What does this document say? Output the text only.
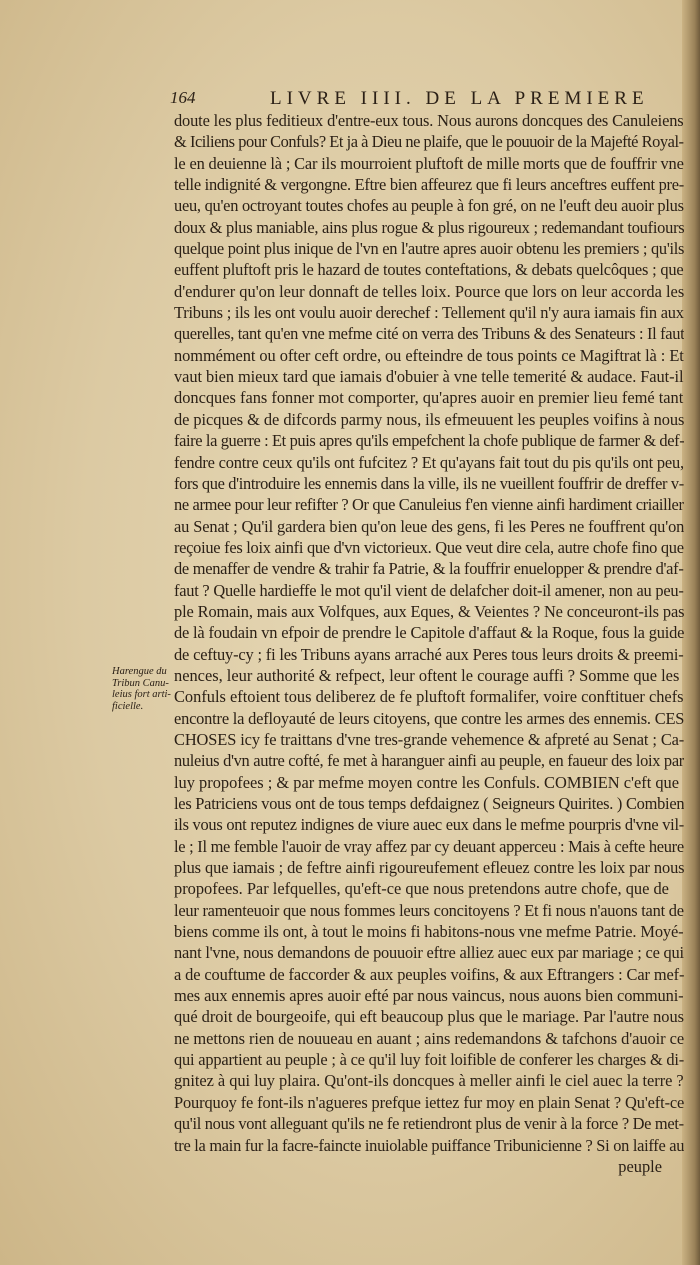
164	LIVRE IIII. DE LA PREMIERE
Harengue du
Tribun Canu-
leius fort arti-
ficielle.
doute les plus feditieux d'entre-eux tous. Nous aurons doncques des Canuleiens
& Iciliens pour Confuls? Et ja à Dieu ne plaife, que le pouuoir de la Majefté Royal-
le en deuienne là ; Car ils mourroient pluftoft de mille morts que de fouffrir vne
telle indignité & vergongne. Eftre bien affeurez que fi leurs anceftres euffent pre-
ueu, qu'en octroyant toutes chofes au peuple à fon gré, on ne l'euft deu auoir plus
doux & plus maniable, ains plus rogue & plus rigoureux ; redemandant toufiours
quelque point plus inique de l'vn en l'autre apres auoir obtenu les premiers ; qu'ils
euffent pluftoft pris le hazard de toutes conteftations, & debats quelcôques ; que
d'endurer qu'on leur donnaft de telles loix. Pource que lors on leur accorda les
Tribuns ; ils les ont voulu auoir derechef : Tellement qu'il n'y aura iamais fin aux
querelles, tant qu'en vne mefme cité on verra des Tribuns & des Senateurs : Il faut
nommément ou ofter ceft ordre, ou efteindre de tous points ce Magiftrat là : Et
vaut bien mieux tard que iamais d'obuier à vne telle temerité & audace. Faut-il
doncques fans fonner mot comporter, qu'apres auoir en premier lieu femé tant
de picques & de difcords parmy nous, ils efmeuuent les peuples voifins à nous
faire la guerre : Et puis apres qu'ils empefchent la chofe publique de farmer & def-
fendre contre ceux qu'ils ont fufcitez ? Et qu'ayans fait tout du pis qu'ils ont peu,
fors que d'introduire les ennemis dans la ville, ils ne vueillent fouffrir de dreffer v-
ne armee pour leur refifter ? Or que Canuleius f'en vienne ainfi hardiment criailler
au Senat ; Qu'il gardera bien qu'on leue des gens, fi les Peres ne fouffrent qu'on
reçoiue fes loix ainfi que d'vn victorieux. Que veut dire cela, autre chofe fino que
de menaffer de vendre & trahir fa Patrie, & la fouffrir enuelopper & prendre d'af-
faut ? Quelle hardieffe le mot qu'il vient de delafcher doit-il amener, non au peu-
ple Romain, mais aux Volfques, aux Eques, & Veientes ? Ne conceuront-ils pas
de là foudain vn efpoir de prendre le Capitole d'affaut & la Roque, fous la guide
de ceftuy-cy ; fi les Tribuns ayans arraché aux Peres tous leurs droits & preemi-
nences, leur authorité & refpect, leur oftent le courage auffi ? Somme que les
Confuls eftoient tous deliberez de fe pluftoft formalifer, voire conftituer chefs
encontre la defloyauté de leurs citoyens, que contre les armes des ennemis. CES
CHOSES icy fe traittans d'vne tres-grande vehemence & afpreté au Senat ; Ca-
nuleius d'vn autre cofté, fe met à haranguer ainfi au peuple, en faueur des loix par
luy propofees ; & par mefme moyen contre les Confuls. COMBIEN c'eft que
les Patriciens vous ont de tous temps defdaignez ( Seigneurs Quirites. ) Combien
ils vous ont reputez indignes de viure auec eux dans le mefme pourpris d'vne vil-
le ; Il me femble l'auoir de vray affez par cy deuant apperceu : Mais à cefte heure
plus que iamais ; de feftre ainfi rigoureufement efleuez contre les loix par nous
propofees. Par lefquelles, qu'eft-ce que nous pretendons autre chofe, que de
leur ramenteuoir que nous fommes leurs concitoyens ? Et fi nous n'auons tant de
biens comme ils ont, à tout le moins fi habitons-nous vne mefme Patrie. Moyé-
nant l'vne, nous demandons de pouuoir eftre alliez auec eux par mariage ; ce qui
a de couftume de faccorder & aux peuples voifins, & aux Eftrangers : Car mef-
mes aux ennemis apres auoir efté par nous vaincus, nous auons bien communi-
qué droit de bourgeoife, qui eft beaucoup plus que le mariage. Par l'autre nous
ne mettons rien de nouueau en auant ; ains redemandons & tafchons d'auoir ce
qui appartient au peuple ; à ce qu'il luy foit loifible de conferer les charges & di-
gnitez à qui luy plaira. Qu'ont-ils doncques à meller ainfi le ciel auec la terre ?
Pourquoy fe font-ils n'agueres prefque iettez fur moy en plain Senat ? Qu'eft-ce
qu'il nous vont alleguant qu'ils ne fe retiendront plus de venir à la force ? De met-
tre la main fur la facre-faincte inuiolable puiffance Tribunicienne ? Si on laiffe au
peuple
